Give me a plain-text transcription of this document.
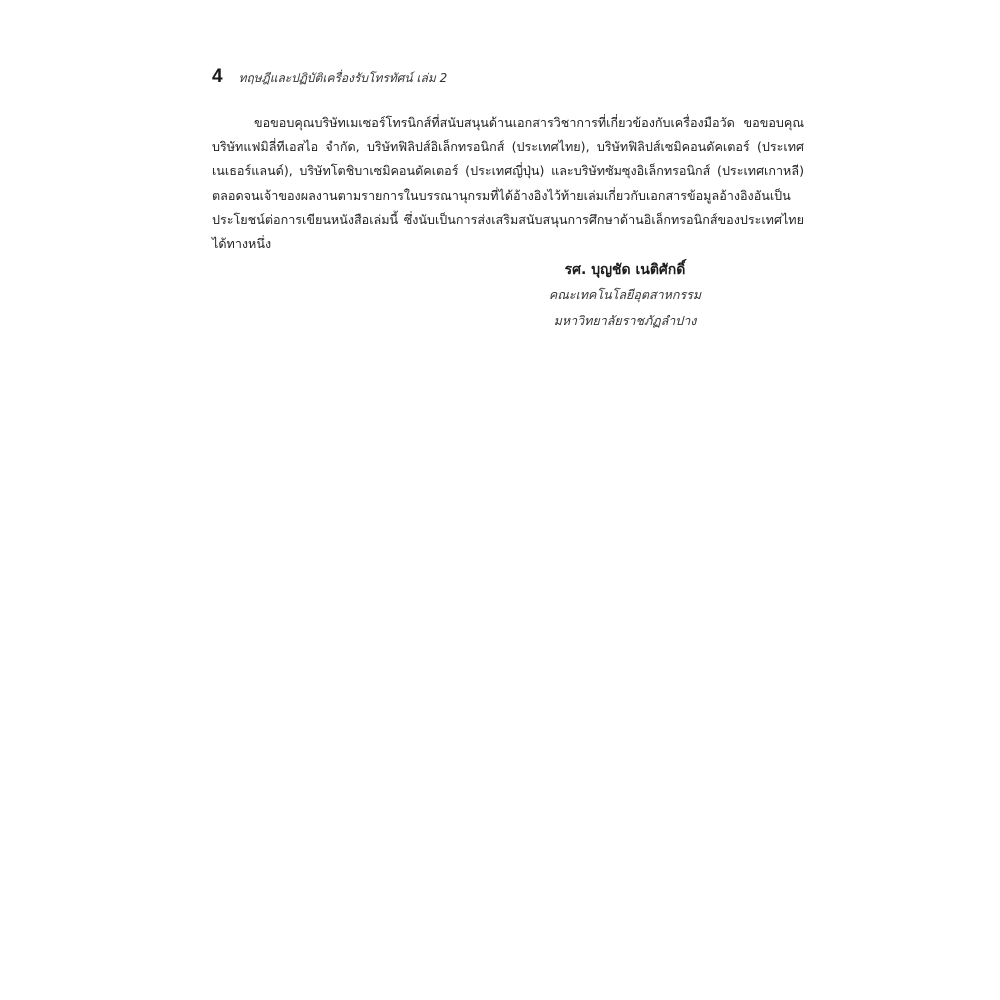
4 ทฤษฎีและปฏิบัติเครื่องรับโทรทัศน์ เล่ม 2

ขอขอบคุณบริษัทเมเซอร์โทรนิกส์ที่สนับสนุนด้านเอกสารวิชาการที่เกี่ยวข้องกับเครื่องมือวัด ขอขอบคุณบริษัทแฟมิลี่ทีเอสไอ จำกัด, บริษัทฟิลิปส์อิเล็กทรอนิกส์ (ประเทศไทย), บริษัทฟิลิปส์เซมิคอนดัคเตอร์ (ประเทศเนเธอร์แลนด์), บริษัทโตชิบาเซมิคอนดัคเตอร์ (ประเทศญี่ปุ่น) และบริษัทซัมซุงอิเล็กทรอนิกส์ (ประเทศเกาหลี) ตลอดจนเจ้าของผลงานตามรายการในบรรณานุกรมที่ได้อ้างอิงไว้ท้ายเล่มเกี่ยวกับเอกสารข้อมูลอ้างอิงอันเป็นประโยชน์ต่อการเขียนหนังสือเล่มนี้ ซึ่งนับเป็นการส่งเสริมสนับสนุนการศึกษาด้านอิเล็กทรอนิกส์ของประเทศไทยได้ทางหนึ่ง

รศ. บุญชัด เนติศักดิ์
คณะเทคโนโลยีอุตสาหกรรม
มหาวิทยาลัยราชภัฏลำปาง
